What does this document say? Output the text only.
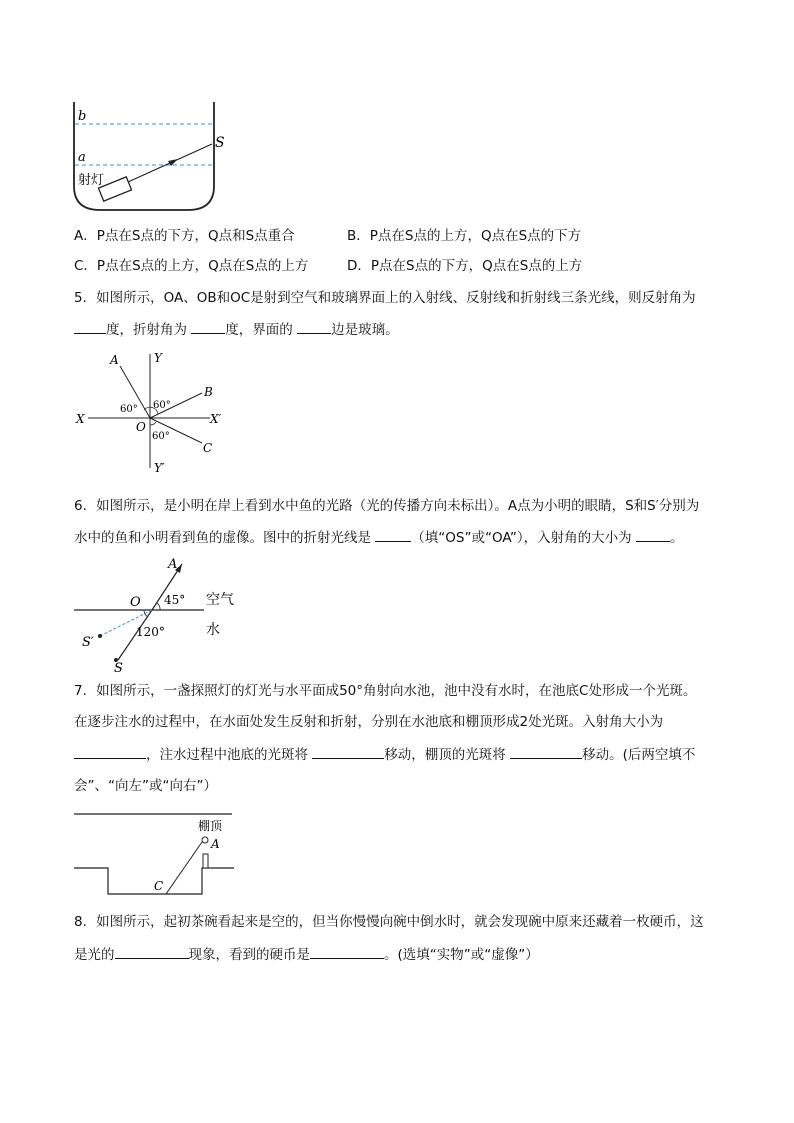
b
a
S
射灯
A．P点在S点的下方，Q点和S点重合	B．P点在S点的上方，Q点在S点的下方
C．P点在S点的上方，Q点在S点的上方	D．P点在S点的下方，Q点在S点的上方
5．如图所示，OA、OB和OC是射到空气和玻璃界面上的入射线、反射线和折射线三条光线，则反射角为
度，折射角为	度，界面的	边是玻璃。
A	Y
B
X	X′
O
C
Y′
60° 60°
60°
6．如图所示，是小明在岸上看到水中鱼的光路（光的传播方向未标出）。A点为小明的眼睛，S和S′分别为
水中的鱼和小明看到鱼的虚像。图中的折射光线是	（填“OS”或“OA”），入射角的大小为	。
A
O 45° 空气
水
S′
120°
S
7．如图所示，一盏探照灯的灯光与水平面成50°角射向水池，池中没有水时，在池底C处形成一个光斑。
在逐步注水的过程中，在水面处发生反射和折射，分别在水池底和棚顶形成2处光斑。入射角大小为
，注水过程中池底的光斑将	移动，棚顶的光斑将	移动。(后两空填不
会”、“向左”或“向右”）
棚顶
A
C
8．如图所示，起初茶碗看起来是空的，但当你慢慢向碗中倒水时，就会发现碗中原来还藏着一枚硬币，这
是光的	现象，看到的硬币是	。(选填“实物”或“虚像”）
